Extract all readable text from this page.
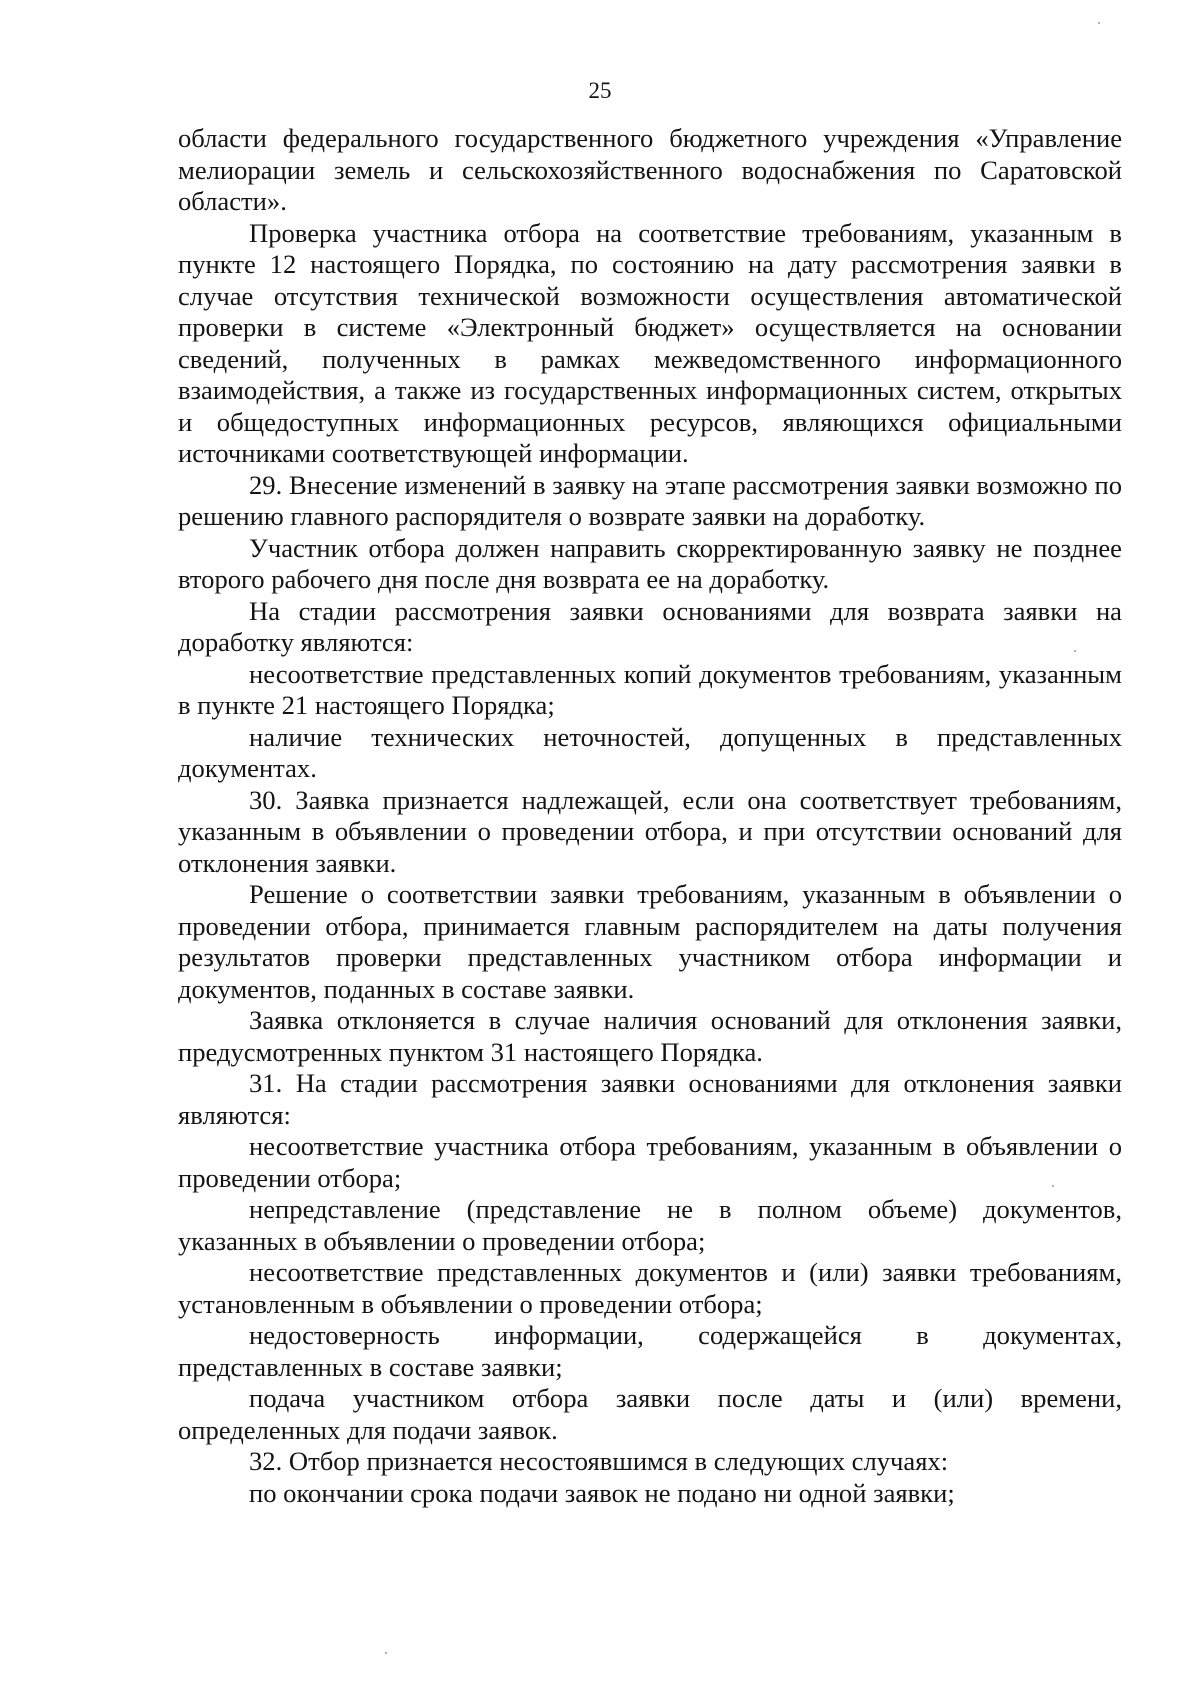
25

области федерального государственного бюджетного учреждения «Управление мелиорации земель и сельскохозяйственного водоснабжения по Саратовской области».

Проверка участника отбора на соответствие требованиям, указанным в пункте 12 настоящего Порядка, по состоянию на дату рассмотрения заявки в случае отсутствия технической возможности осуществления автоматической проверки в системе «Электронный бюджет» осуществляется на основании сведений, полученных в рамках межведомственного информационного взаимодействия, а также из государственных информационных систем, открытых и общедоступных информационных ресурсов, являющихся официальными источниками соответствующей информации.

29. Внесение изменений в заявку на этапе рассмотрения заявки возможно по решению главного распорядителя о возврате заявки на доработку.

Участник отбора должен направить скорректированную заявку не позднее второго рабочего дня после дня возврата ее на доработку.

На стадии рассмотрения заявки основаниями для возврата заявки на доработку являются:

несоответствие представленных копий документов требованиям, указанным в пункте 21 настоящего Порядка;

наличие технических неточностей, допущенных в представленных документах.

30. Заявка признается надлежащей, если она соответствует требованиям, указанным в объявлении о проведении отбора, и при отсутствии оснований для отклонения заявки.

Решение о соответствии заявки требованиям, указанным в объявлении о проведении отбора, принимается главным распорядителем на даты получения результатов проверки представленных участником отбора информации и документов, поданных в составе заявки.

Заявка отклоняется в случае наличия оснований для отклонения заявки, предусмотренных пунктом 31 настоящего Порядка.

31. На стадии рассмотрения заявки основаниями для отклонения заявки являются:

несоответствие участника отбора требованиям, указанным в объявлении о проведении отбора;

непредставление (представление не в полном объеме) документов, указанных в объявлении о проведении отбора;

несоответствие представленных документов и (или) заявки требованиям, установленным в объявлении о проведении отбора;

недостоверность информации, содержащейся в документах, представленных в составе заявки;

подача участником отбора заявки после даты и (или) времени, определенных для подачи заявок.

32. Отбор признается несостоявшимся в следующих случаях:

по окончании срока подачи заявок не подано ни одной заявки;
